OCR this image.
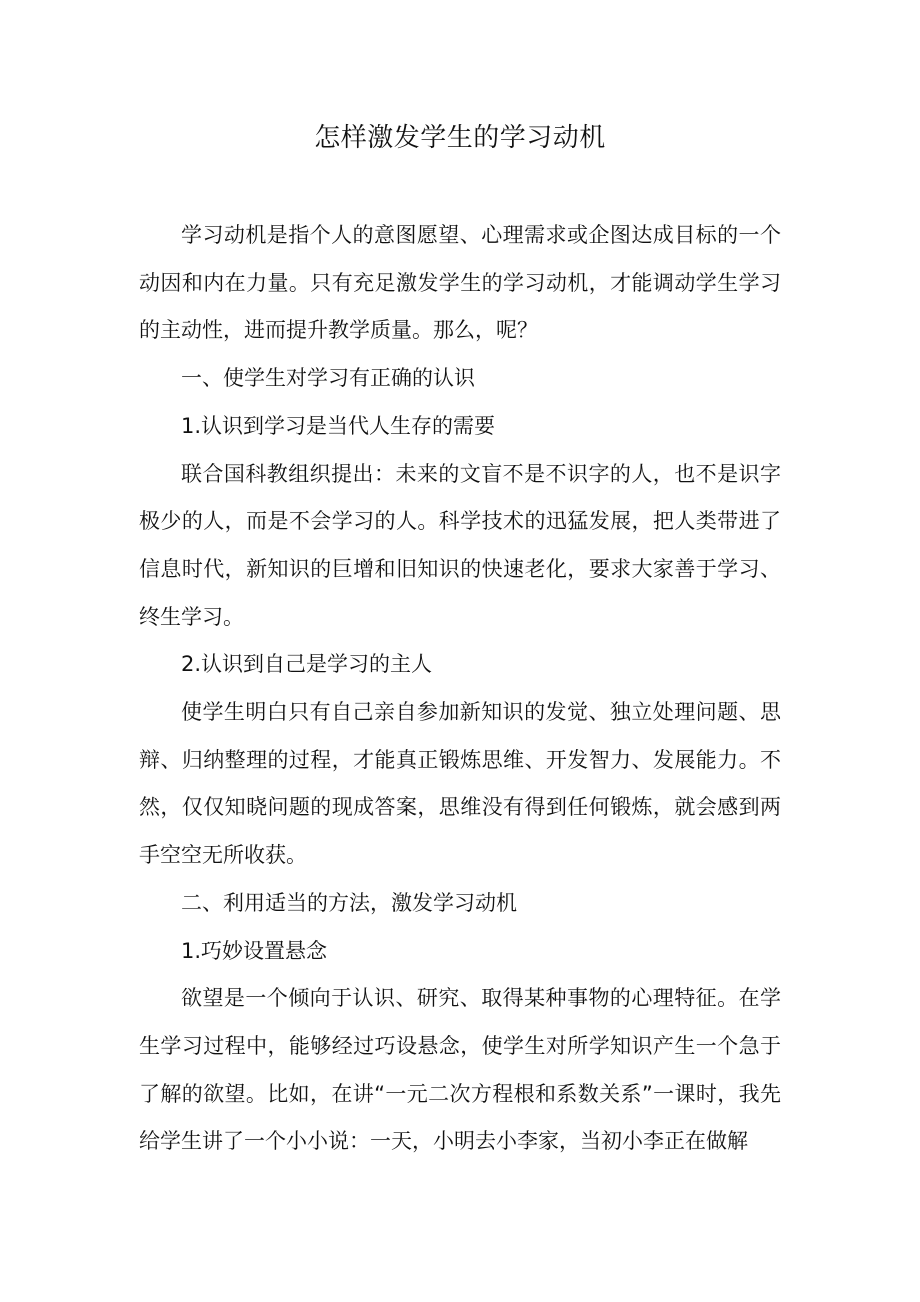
怎样激发学生的学习动机

学习动机是指个人的意图愿望、心理需求或企图达成目标的一个动因和内在力量。只有充足激发学生的学习动机，才能调动学生学习的主动性，进而提升教学质量。那么，呢？

一、使学生对学习有正确的认识

1.认识到学习是当代人生存的需要

联合国科教组织提出：未来的文盲不是不识字的人，也不是识字极少的人，而是不会学习的人。科学技术的迅猛发展，把人类带进了信息时代，新知识的巨增和旧知识的快速老化，要求大家善于学习、终生学习。

2.认识到自己是学习的主人

使学生明白只有自己亲自参加新知识的发觉、独立处理问题、思辩、归纳整理的过程，才能真正锻炼思维、开发智力、发展能力。不然，仅仅知晓问题的现成答案，思维没有得到任何锻炼，就会感到两手空空无所收获。

二、利用适当的方法，激发学习动机

1.巧妙设置悬念

欲望是一个倾向于认识、研究、取得某种事物的心理特征。在学生学习过程中，能够经过巧设悬念，使学生对所学知识产生一个急于了解的欲望。比如，在讲“一元二次方程根和系数关系”一课时，我先给学生讲了一个小小说：一天，小明去小李家，当初小李正在做解
